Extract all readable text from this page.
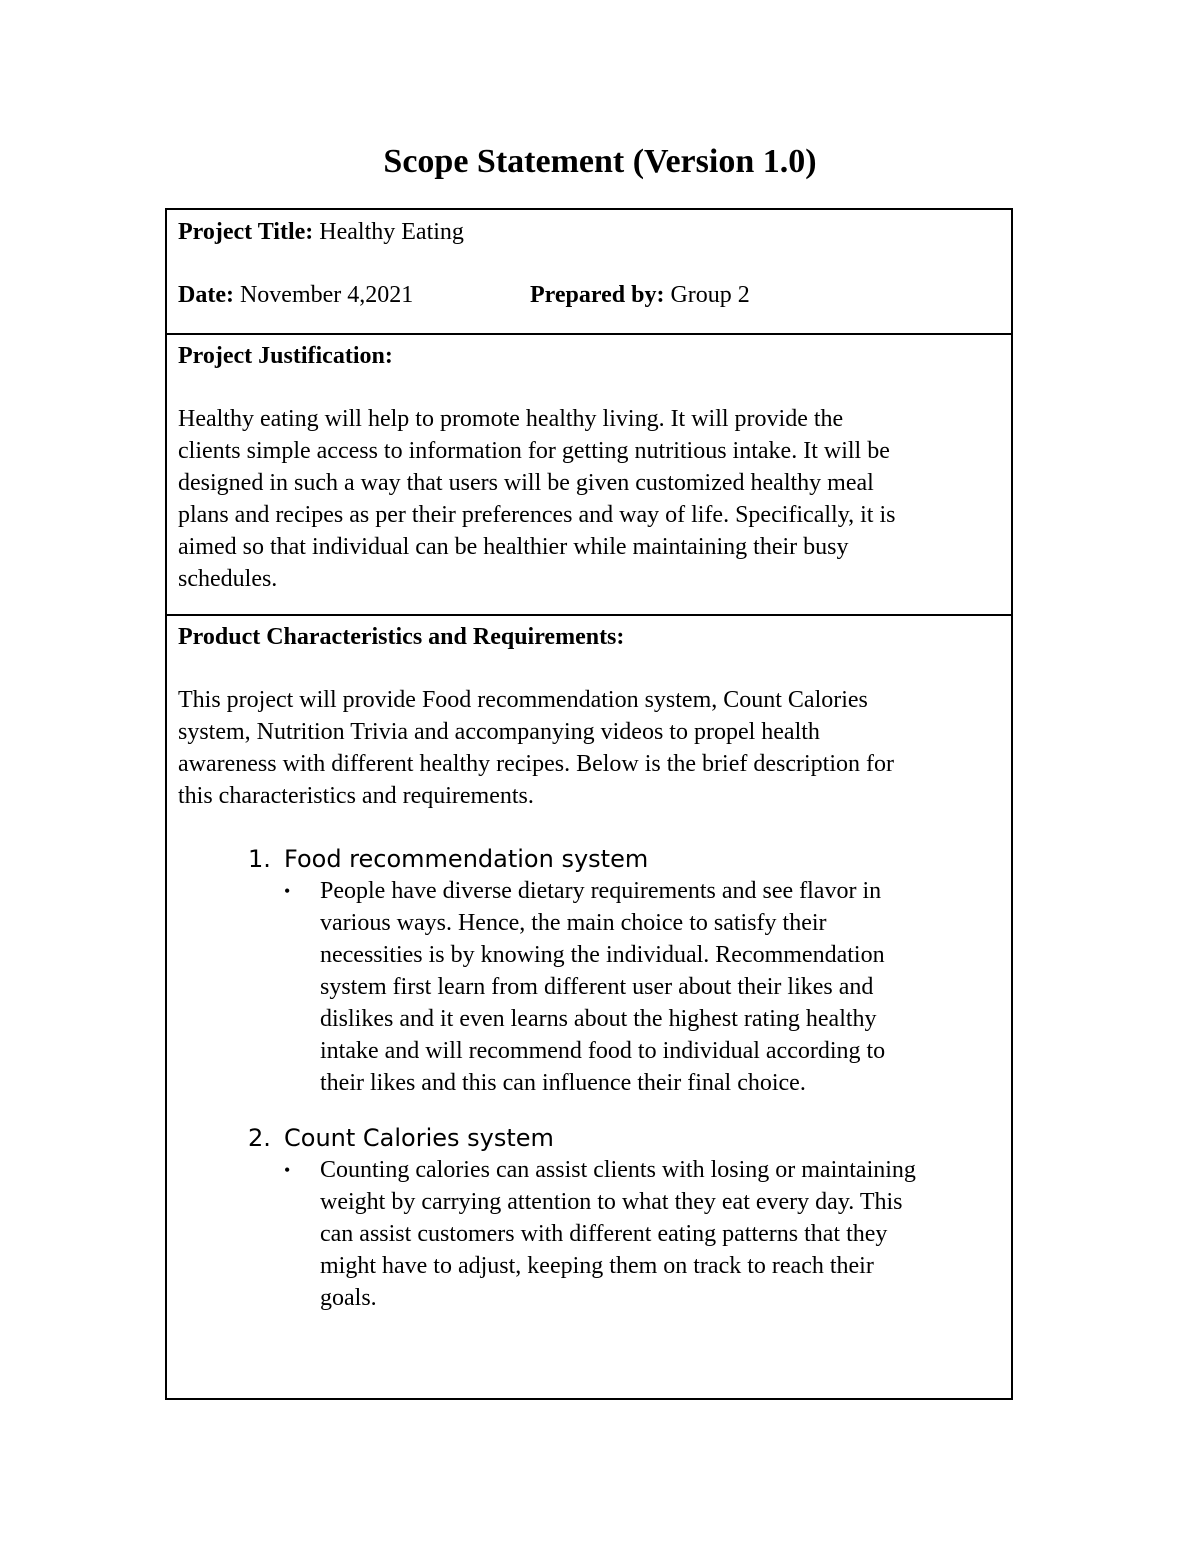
Scope Statement (Version 1.0)
Project Title: Healthy Eating
Date: November 4,2021	Prepared by: Group 2
Project Justification:
Healthy eating will help to promote healthy living. It will provide the
clients simple access to information for getting nutritious intake. It will be
designed in such a way that users will be given customized healthy meal
plans and recipes as per their preferences and way of life. Specifically, it is
aimed so that individual can be healthier while maintaining their busy
schedules.
Product Characteristics and Requirements:
This project will provide Food recommendation system, Count Calories
system, Nutrition Trivia and accompanying videos to propel health
awareness with different healthy recipes. Below is the brief description for
this characteristics and requirements.
1. Food recommendation system
•	People have diverse dietary requirements and see flavor in
various ways. Hence, the main choice to satisfy their
necessities is by knowing the individual. Recommendation
system first learn from different user about their likes and
dislikes and it even learns about the highest rating healthy
intake and will recommend food to individual according to
their likes and this can influence their final choice.
2. Count Calories system
•	Counting calories can assist clients with losing or maintaining
weight by carrying attention to what they eat every day. This
can assist customers with different eating patterns that they
might have to adjust, keeping them on track to reach their
goals.
